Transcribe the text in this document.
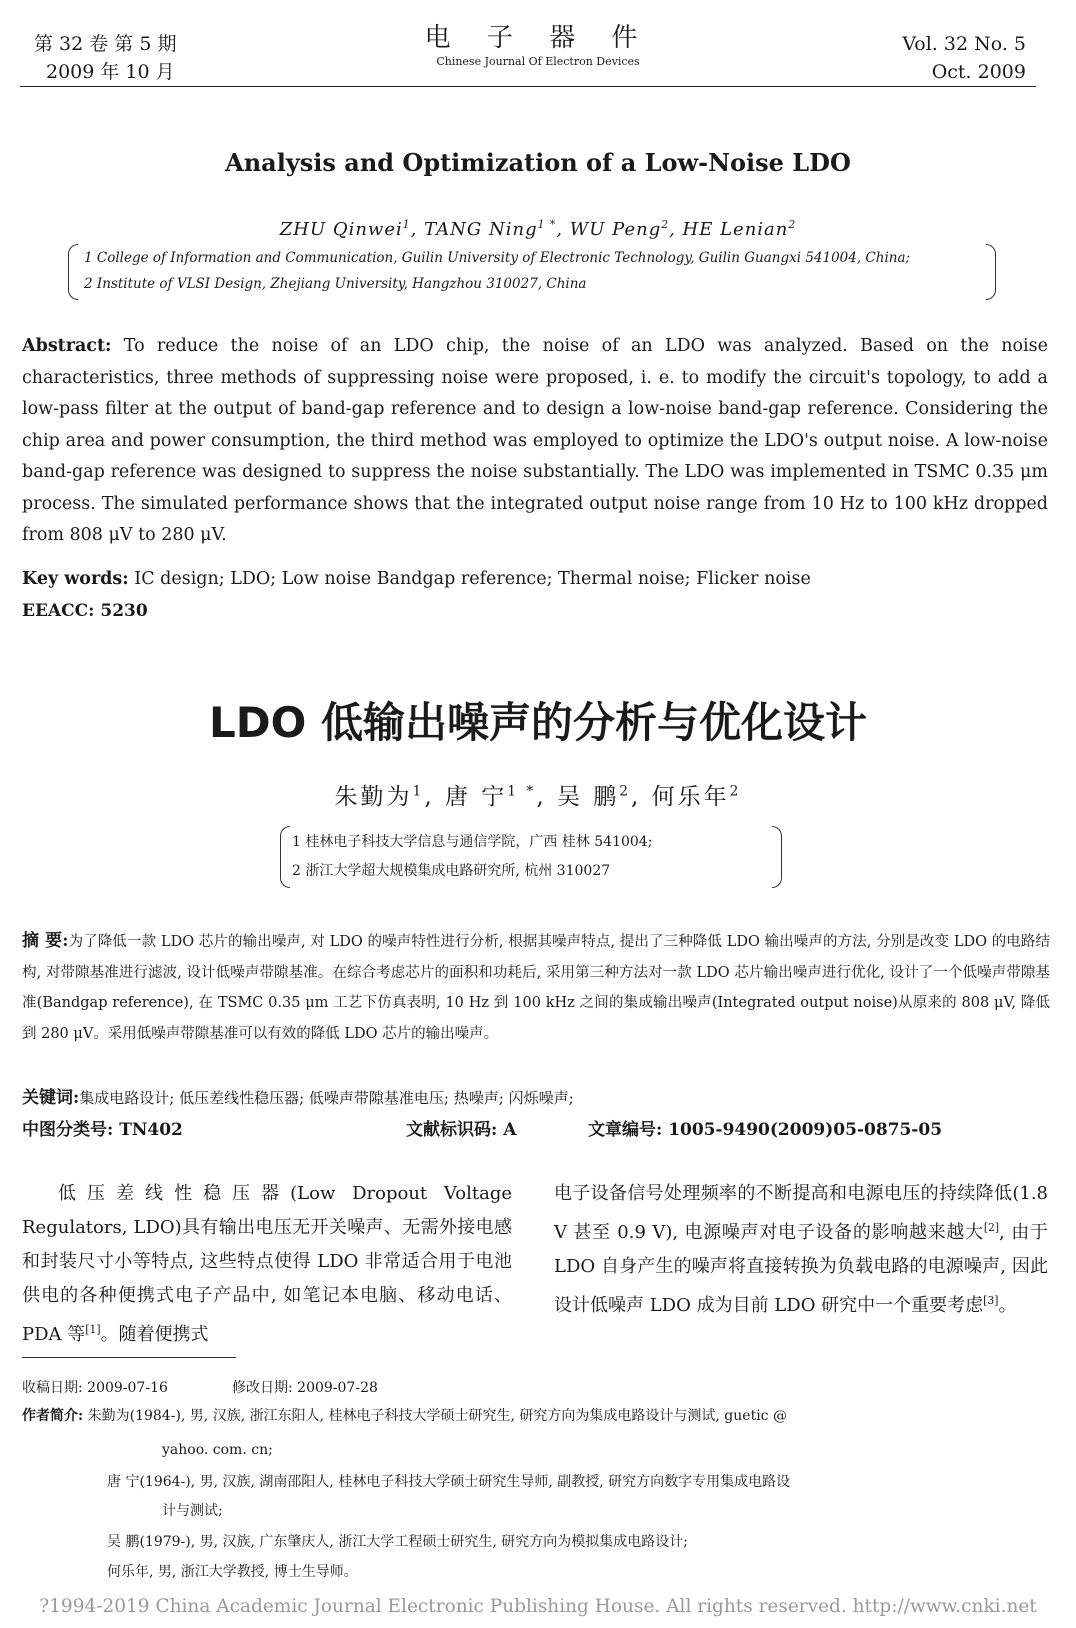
第 32 卷 第 5 期
2009 年 10 月
电 子 器 件
Chinese Journal Of Electron Devices
Vol. 32 No. 5
Oct. 2009
Analysis and Optimization of a Low-Noise LDO
ZHU Qinwei$^1$, TANG Ning$^{1 *}$, WU Peng$^2$, HE Lenian$^2$
1 College of Information and Communication, Guilin University of Electronic Technology, Guilin Guangxi 541004, China;
2 Institute of VLSI Design, Zhejiang University, Hangzhou 310027, China
Abstract: To reduce the noise of an LDO chip, the noise of an LDO was analyzed. Based on the noise characteristics, three methods of suppressing noise were proposed, i. e. to modify the circuit's topology, to add a low-pass filter at the output of band-gap reference and to design a low-noise band-gap reference. Considering the chip area and power consumption, the third method was employed to optimize the LDO's output noise. A low-noise band-gap reference was designed to suppress the noise substantially. The LDO was implemented in TSMC 0.35 μm process. The simulated performance shows that the integrated output noise range from 10 Hz to 100 kHz dropped from 808 μV to 280 μV.
Key words: IC design; LDO; Low noise Bandgap reference; Thermal noise; Flicker noise
EEACC: 5230
LDO 低输出噪声的分析与优化设计
朱勤为$^1$, 唐 宁$^{1 *}$, 吴 鹏$^2$, 何乐年$^2$
1 桂林电子科技大学信息与通信学院，广西 桂林 541004;
2 浙江大学超大规模集成电路研究所, 杭州 310027
摘 要:为了降低一款 LDO 芯片的输出噪声, 对 LDO 的噪声特性进行分析, 根据其噪声特点, 提出了三种降低 LDO 输出噪声的方法, 分别是改变 LDO 的电路结构, 对带隙基准进行滤波, 设计低噪声带隙基准。在综合考虑芯片的面积和功耗后, 采用第三种方法对一款 LDO 芯片输出噪声进行优化, 设计了一个低噪声带隙基准(Bandgap reference), 在 TSMC 0.35 μm 工艺下仿真表明, 10 Hz 到 100 kHz 之间的集成输出噪声(Integrated output noise)从原来的 808 μV, 降低到 280 μV。采用低噪声带隙基准可以有效的降低 LDO 芯片的输出噪声。
关键词:集成电路设计; 低压差线性稳压器; 低噪声带隙基准电压; 热噪声; 闪烁噪声;
中图分类号: TN402	文献标识码: A	文章编号: 1005-9490(2009)05-0875-05
低压差线性稳压器(Low Dropout Voltage Regulators, LDO)具有输出电压无开关噪声、无需外接电感和封装尺寸小等特点, 这些特点使得 LDO 非常适合用于电池供电的各种便携式电子产品中, 如笔记本电脑、移动电话、PDA 等[1]。随着便携式
电子设备信号处理频率的不断提高和电源电压的持续降低(1.8 V 甚至 0.9 V), 电源噪声对电子设备的影响越来越大[2], 由于 LDO 自身产生的噪声将直接转换为负载电路的电源噪声, 因此设计低噪声 LDO 成为目前 LDO 研究中一个重要考虑[3]。
收稿日期: 2009-07-16	修改日期: 2009-07-28
作者简介: 朱勤为(1984-), 男, 汉族, 浙江东阳人, 桂林电子科技大学硕士研究生, 研究方向为集成电路设计与测试, guetic @
yahoo. com. cn;
唐 宁(1964-), 男, 汉族, 湖南邵阳人, 桂林电子科技大学硕士研究生导师, 副教授, 研究方向数字专用集成电路设
计与测试;
吴 鹏(1979-), 男, 汉族, 广东肇庆人, 浙江大学工程硕士研究生, 研究方向为模拟集成电路设计;
何乐年, 男, 浙江大学教授, 博士生导师。
?1994-2019 China Academic Journal Electronic Publishing House. All rights reserved. http://www.cnki.net
